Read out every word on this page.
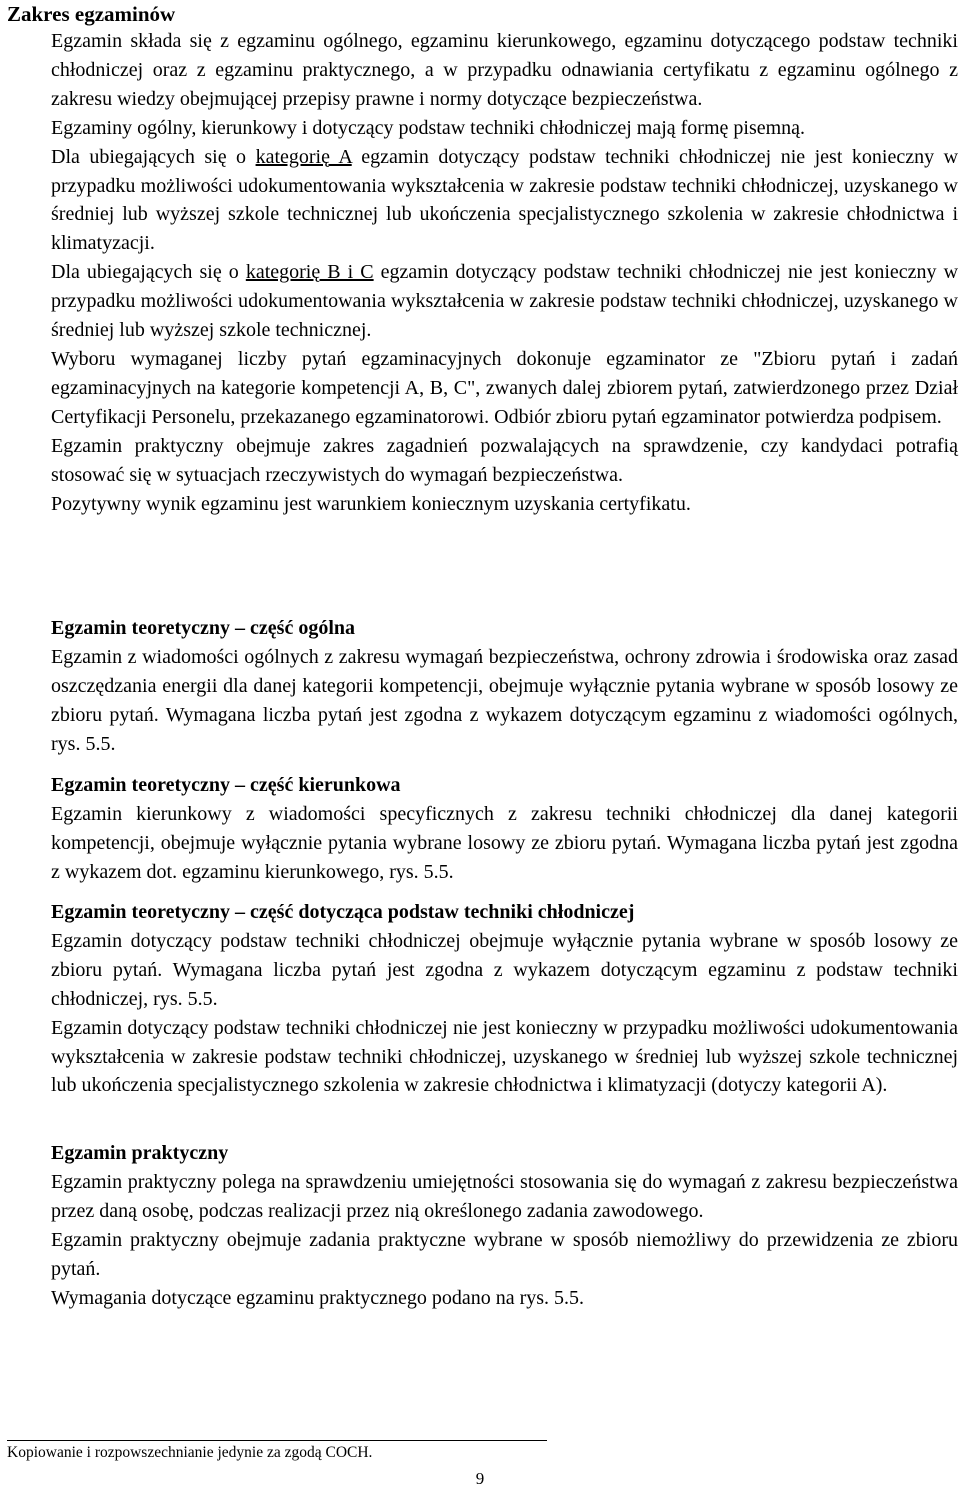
Zakres egzaminów

Egzamin składa się z egzaminu ogólnego, egzaminu kierunkowego, egzaminu dotyczącego podstaw techniki chłodniczej oraz z egzaminu praktycznego, a w przypadku odnawiania certyfikatu z egzaminu ogólnego z zakresu wiedzy obejmującej przepisy prawne i normy dotyczące bezpieczeństwa.

Egzaminy ogólny, kierunkowy i dotyczący podstaw techniki chłodniczej mają formę pisemną.

Dla ubiegających się o kategorię A egzamin dotyczący podstaw techniki chłodniczej nie jest konieczny w przypadku możliwości udokumentowania wykształcenia w zakresie podstaw techniki chłodniczej, uzyskanego w średniej lub wyższej szkole technicznej lub ukończenia specjalistycznego szkolenia w zakresie chłodnictwa i klimatyzacji.

Dla ubiegających się o kategorię B i C egzamin dotyczący podstaw techniki chłodniczej nie jest konieczny w przypadku możliwości udokumentowania wykształcenia w zakresie podstaw techniki chłodniczej, uzyskanego w średniej lub wyższej szkole technicznej.

Wyboru wymaganej liczby pytań egzaminacyjnych dokonuje egzaminator ze "Zbioru pytań i zadań egzaminacyjnych na kategorie kompetencji A, B, C", zwanych dalej zbiorem pytań, zatwierdzonego przez Dział Certyfikacji Personelu, przekazanego egzaminatorowi. Odbiór zbioru pytań egzaminator potwierdza podpisem.

Egzamin praktyczny obejmuje zakres zagadnień pozwalających na sprawdzenie, czy kandydaci potrafią stosować się w sytuacjach rzeczywistych do wymagań bezpieczeństwa.

Pozytywny wynik egzaminu jest warunkiem koniecznym uzyskania certyfikatu.

Egzamin teoretyczny – część ogólna

Egzamin z wiadomości ogólnych z zakresu wymagań bezpieczeństwa, ochrony zdrowia i środowiska oraz zasad oszczędzania energii dla danej kategorii kompetencji, obejmuje wyłącznie pytania wybrane w sposób losowy ze zbioru pytań. Wymagana liczba pytań jest zgodna z wykazem dotyczącym egzaminu z wiadomości ogólnych, rys. 5.5.

Egzamin teoretyczny – część kierunkowa

Egzamin kierunkowy z wiadomości specyficznych z zakresu techniki chłodniczej dla danej kategorii kompetencji, obejmuje wyłącznie pytania wybrane losowy ze zbioru pytań. Wymagana liczba pytań jest zgodna z wykazem dot. egzaminu kierunkowego, rys. 5.5.

Egzamin teoretyczny – część dotycząca podstaw techniki chłodniczej

Egzamin dotyczący podstaw techniki chłodniczej obejmuje wyłącznie pytania wybrane w sposób losowy ze zbioru pytań. Wymagana liczba pytań jest zgodna z wykazem dotyczącym egzaminu z podstaw techniki chłodniczej, rys. 5.5.

Egzamin dotyczący podstaw techniki chłodniczej nie jest konieczny w przypadku możliwości udokumentowania wykształcenia w zakresie podstaw techniki chłodniczej, uzyskanego w średniej lub wyższej szkole technicznej lub ukończenia specjalistycznego szkolenia w zakresie chłodnictwa i klimatyzacji (dotyczy kategorii A).

Egzamin praktyczny

Egzamin praktyczny polega na sprawdzeniu umiejętności stosowania się do wymagań z zakresu bezpieczeństwa przez daną osobę, podczas realizacji przez nią określonego zadania zawodowego.

Egzamin praktyczny obejmuje zadania praktyczne wybrane w sposób niemożliwy do przewidzenia ze zbioru pytań.

Wymagania dotyczące egzaminu praktycznego podano na rys. 5.5.

Kopiowanie i rozpowszechnianie jedynie za zgodą COCH.
9
